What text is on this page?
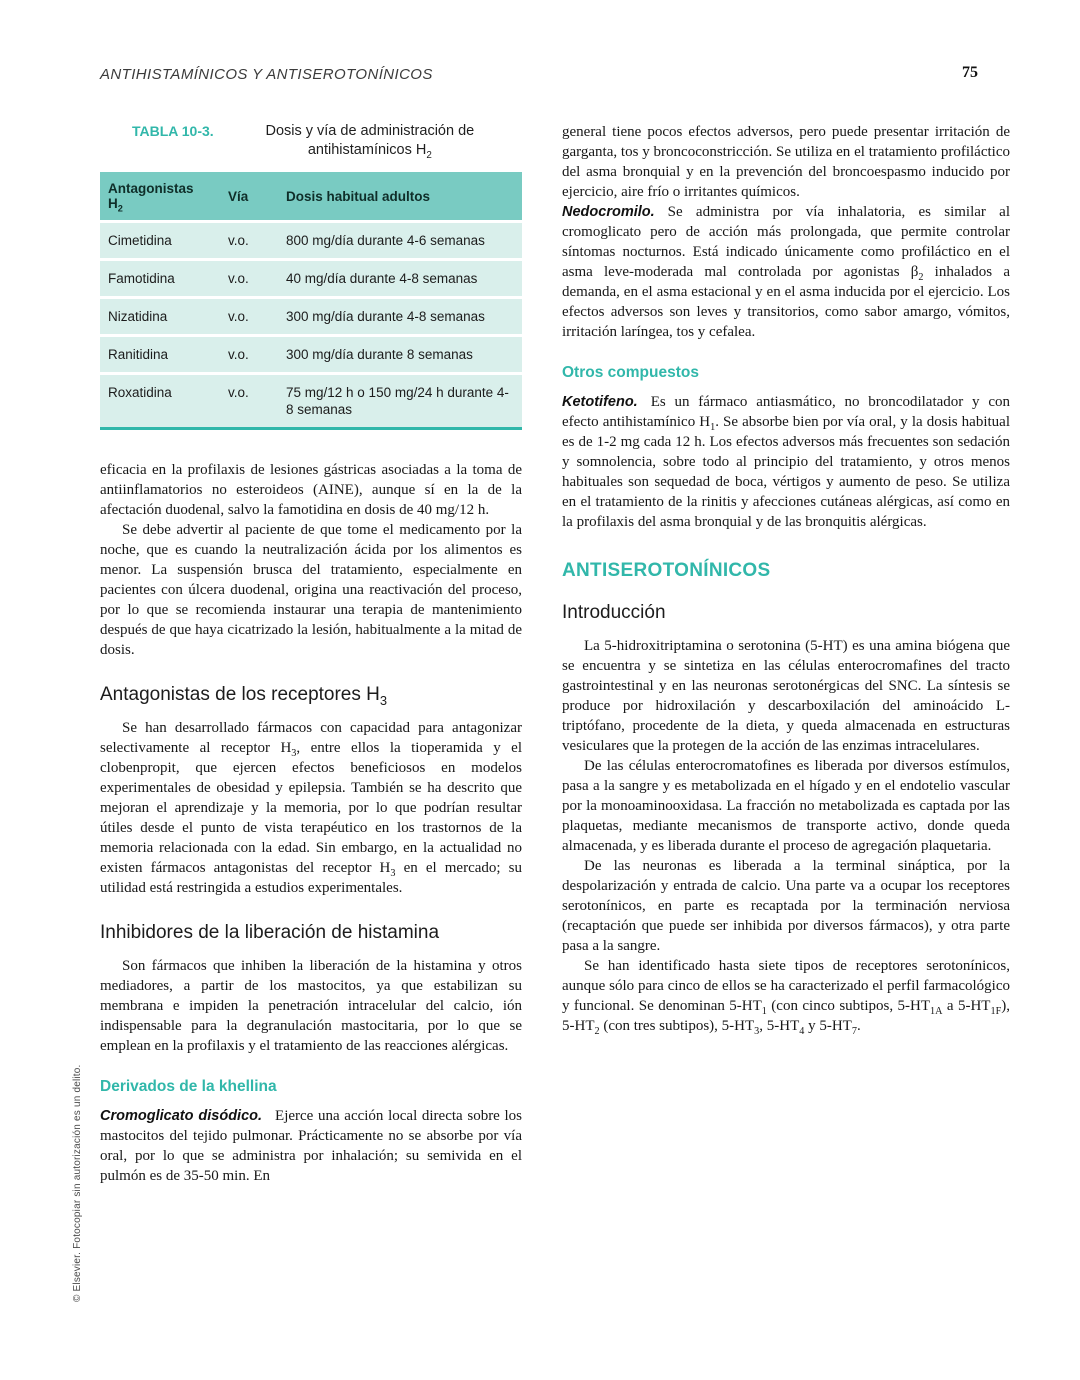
ANTIHISTAMÍNICOS Y ANTISEROTONÍNICOS	75
TABLA 10-3.	Dosis y vía de administración de
antihistamínicos $H_2$
Antagonistas $H_2$	Vía	Dosis habitual adultos
Cimetidina	v.o.	800 mg/día durante 4-6 semanas
Famotidina	v.o.	40 mg/día durante 4-8 semanas
Nizatidina	v.o.	300 mg/día durante 4-8 semanas
Ranitidina	v.o.	300 mg/día durante 8 semanas
Roxatidina	v.o.	75 mg/12 h o 150 mg/24 h durante 4-8 semanas

eficacia en la profilaxis de lesiones gástricas asociadas a la toma de antiinflamatorios no esteroideos (AINE), aunque sí en la de la afectación duodenal, salvo la famotidina en dosis de 40 mg/12 h.

Se debe advertir al paciente de que tome el medicamento por la noche, que es cuando la neutralización ácida por los alimentos es menor. La suspensión brusca del tratamiento, especialmente en pacientes con úlcera duodenal, origina una reactivación del proceso, por lo que se recomienda instaurar una terapia de mantenimiento después de que haya cicatrizado la lesión, habitualmente a la mitad de dosis.

Antagonistas de los receptores $H_3$

Se han desarrollado fármacos con capacidad para antagonizar selectivamente al receptor $H_3$, entre ellos la tioperamida y el clobenpropit, que ejercen efectos beneficiosos en modelos experimentales de obesidad y epilepsia. También se ha descrito que mejoran el aprendizaje y la memoria, por lo que podrían resultar útiles desde el punto de vista terapéutico en los trastornos de la memoria relacionada con la edad. Sin embargo, en la actualidad no existen fármacos antagonistas del receptor $H_3$ en el mercado; su utilidad está restringida a estudios experimentales.

Inhibidores de la liberación de histamina

Son fármacos que inhiben la liberación de la histamina y otros mediadores, a partir de los mastocitos, ya que estabilizan su membrana e impiden la penetración intracelular del calcio, ión indispensable para la degranulación mastocitaria, por lo que se emplean en la profilaxis y el tratamiento de las reacciones alérgicas.

Derivados de la khellina

Cromoglicato disódico. Ejerce una acción local directa sobre los mastocitos del tejido pulmonar. Prácticamente no se absorbe por vía oral, por lo que se administra por inhalación; su semivida en el pulmón es de 35-50 min. En

general tiene pocos efectos adversos, pero puede presentar irritación de garganta, tos y broncoconstricción. Se utiliza en el tratamiento profiláctico del asma bronquial y en la prevención del broncoespasmo inducido por ejercicio, aire frío o irritantes químicos.

Nedocromilo. Se administra por vía inhalatoria, es similar al cromoglicato pero de acción más prolongada, que permite controlar síntomas nocturnos. Está indicado únicamente como profiláctico en el asma leve-moderada mal controlada por agonistas $\beta_2$ inhalados a demanda, en el asma estacional y en el asma inducida por el ejercicio. Los efectos adversos son leves y transitorios, como sabor amargo, vómitos, irritación laríngea, tos y cefalea.

Otros compuestos

Ketotifeno. Es un fármaco antiasmático, no broncodilatador y con efecto antihistamínico $H_1$. Se absorbe bien por vía oral, y la dosis habitual es de 1-2 mg cada 12 h. Los efectos adversos más frecuentes son sedación y somnolencia, sobre todo al principio del tratamiento, y otros menos habituales son sequedad de boca, vértigos y aumento de peso. Se utiliza en el tratamiento de la rinitis y afecciones cutáneas alérgicas, así como en la profilaxis del asma bronquial y de las bronquitis alérgicas.

ANTISEROTONÍNICOS
Introducción

La 5-hidroxitriptamina o serotonina (5-HT) es una amina biógena que se encuentra y se sintetiza en las células enterocromafines del tracto gastrointestinal y en las neuronas serotonérgicas del SNC. La síntesis se produce por hidroxilación y descarboxilación del aminoácido L-triptófano, procedente de la dieta, y queda almacenada en estructuras vesiculares que la protegen de la acción de las enzimas intracelulares.

De las células enterocromatofines es liberada por diversos estímulos, pasa a la sangre y es metabolizada en el hígado y en el endotelio vascular por la monoaminooxidasa. La fracción no metabolizada es captada por las plaquetas, mediante mecanismos de transporte activo, donde queda almacenada, y es liberada durante el proceso de agregación plaquetaria.

De las neuronas es liberada a la terminal sináptica, por la despolarización y entrada de calcio. Una parte va a ocupar los receptores serotonínicos, en parte es recaptada por la terminación nerviosa (recaptación que puede ser inhibida por diversos fármacos), y otra parte pasa a la sangre.

Se han identificado hasta siete tipos de receptores serotonínicos, aunque sólo para cinco de ellos se ha caracterizado el perfil farmacológico y funcional. Se denominan $5-HT_1$ (con cinco subtipos, $5-HT_{1A}$ a $5-HT_{1F}$), $5-HT_2$ (con tres subtipos), $5-HT_3$, $5-HT_4$ y $5-HT_7$.

© Elsevier. Fotocopiar sin autorización es un delito.
